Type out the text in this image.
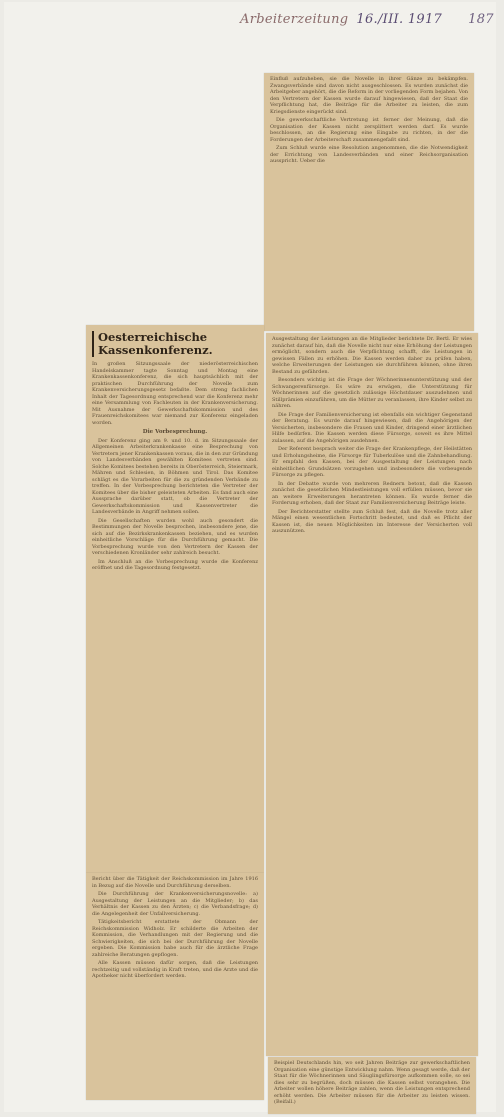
Arbeiterzeitung 16./III. 1917 187

Einfluß aufzuheben, sie die Novelle in ihrer Gänze zu bekämpfen. Zwangsverbände sind davon nicht ausgeschlossen. Es wurden zunächst die Arbeitgeber angehört, die die Reform in der vorliegenden Form bejahen. Von den Vertretern der Kassen wurde darauf hingewiesen, daß der Staat die Verpflichtung hat, die Beiträge für die Arbeiter zu leisten, die zum Kriegsdienste eingerückt sind.

Die gewerkschaftliche Vertretung ist ferner der Meinung, daß die Organisation der Kassen nicht zersplittert werden darf. Es wurde beschlossen, an die Regierung eine Eingabe zu richten, in der die Forderungen der Arbeiterschaft zusammengefaßt sind.

Zum Schluß wurde eine Resolution angenommen, die die Notwendigkeit der Errichtung von Landesverbänden und einer Reichsorganisation ausspricht. Ueber die

Ausgestaltung der Leistungen an die Mitglieder berichtete Dr. Bertl. Er wies zunächst darauf hin, daß die Novelle nicht nur eine Erhöhung der Leistungen ermöglicht, sondern auch die Verpflichtung schafft, die Leistungen in gewissen Fällen zu erhöhen. Die Kassen werden daher zu prüfen haben, welche Erweiterungen der Leistungen sie durchführen können, ohne ihren Bestand zu gefährden.

Besonders wichtig ist die Frage der Wöchnerinnenunterstützung und der Schwangerenfürsorge. Es wäre zu erwägen, die Unterstützung für Wöchnerinnen auf die gesetzlich zulässige Höchstdauer auszudehnen und Stillprämien einzuführen, um die Mütter zu veranlassen, ihre Kinder selbst zu nähren.

Die Frage der Familienversicherung ist ebenfalls ein wichtiger Gegenstand der Beratung. Es wurde darauf hingewiesen, daß die Angehörigen der Versicherten, insbesondere die Frauen und Kinder, dringend einer ärztlichen Hilfe bedürfen. Die Kassen werden diese Fürsorge, soweit es ihre Mittel zulassen, auf die Angehörigen ausdehnen.

Der Referent besprach weiter die Frage der Krankenpflege, der Heilstätten und Erholungsheime, die Fürsorge für Tuberkulöse und die Zahnbehandlung. Er empfahl den Kassen, bei der Ausgestaltung der Leistungen nach einheitlichen Grundsätzen vorzugehen und insbesondere die vorbeugende Fürsorge zu pflegen.

In der Debatte wurde von mehreren Rednern betont, daß die Kassen zunächst die gesetzlichen Mindestleistungen voll erfüllen müssen, bevor sie an weitere Erweiterungen herantreten können. Es wurde ferner die Forderung erhoben, daß der Staat zur Familienversicherung Beiträge leiste.

Der Berichterstatter stellte zum Schluß fest, daß die Novelle trotz aller Mängel einen wesentlichen Fortschritt bedeutet, und daß es Pflicht der Kassen ist, die neuen Möglichkeiten im Interesse der Versicherten voll auszunützen.

Oesterreichische Kassenkonferenz.

In großen Sitzungssaale der niederösterreichischen Handelskammer tagte Sonntag und Montag eine Krankenkassenkonferenz, die sich hauptsächlich mit der praktischen Durchführung der Novelle zum Krankenversicherungsgesetz befaßte. Dem streng fachlichen Inhalt der Tagesordnung entsprechend war die Konferenz mehr eine Versammlung von Fachleuten in der Krankenversicherung. Mit Ausnahme der Gewerkschaftskommission und des Frauenreichskomitees war niemand zur Konferenz eingeladen worden.

Die Vorbesprechung.

Der Konferenz ging am 9. und 10. d. im Sitzungssaale der Allgemeinen Arbeiterkrankenkasse eine Besprechung von Vertretern jener Krankenkassen voraus, die in den zur Gründung von Landesverbänden gewählten Komitees vertreten sind. Solche Komitees bestehen bereits in Oberösterreich, Steiermark, Mähren und Schlesien, in Böhmen und Tirol. Das Komitee schlägt es die Vorarbeiten für die zu gründenden Verbände zu treffen. In der Vorbesprechung berichteten die Vertreter der Komitees über die bisher geleisteten Arbeiten. Es fand auch eine Aussprache darüber statt, ob die Vertreter der Gewerkschaftskommission und Kassenvertreter die Landesverbände in Angriff nehmen sollen.

Die Gesellschaften wurden wohl auch gesondert die Bestimmungen der Novelle besprochen, insbesondere jene, die sich auf die Bezirkskrankenkassen beziehen, und es wurden einheitliche Vorschläge für die Durchführung gemacht. Die Vorbesprechung wurde von den Vertretern der Kassen der verschiedenen Kronländer sehr zahlreich besucht.

Im Anschluß an die Vorbesprechung wurde die Konferenz eröffnet und die Tagesordnung festgesetzt.

Bericht über die Tätigkeit der Reichskommission im Jahre 1916 in Bezug auf die Novelle und Durchführung derselben.

Die Durchführung der Krankenversicherungsnovelle: a) Ausgestaltung der Leistungen an die Mitglieder; b) das Verhältnis der Kassen zu den Ärzten; c) die Verbandsfrage; d) die Angelegenheit der Unfallversicherung.

Tätigkeitsbericht erstattete der Obmann der Reichskommission Widholz. Er schilderte die Arbeiten der Kommission, die Verhandlungen mit der Regierung und die Schwierigkeiten, die sich bei der Durchführung der Novelle ergeben. Die Kommission habe auch für die ärztliche Frage zahlreiche Beratungen gepflogen.

Alle Kassen müssen dafür sorgen, daß die Leistungen rechtzeitig und vollständig in Kraft treten, und die Arzte und die Apotheker nicht überfordert werden.

Beispiel Deutschlands hin, wo seit Jahren Beiträge zur gewerkschaftlichen Organisation eine günstige Entwicklung nahm. Wenn gesagt werde, daß der Staat für die Wöchnerinnen und Säuglingsfürsorge aufkommen solle, so sei dies sehr zu begrüßen, doch müssen die Kassen selbst vorangehen. Die Arbeiter wollen höhere Beiträge zahlen, wenn die Leistungen entsprechend erhöht werden. Die Arbeiter müssen für die Arbeiter zu leisten wissen. (Beifall.)
